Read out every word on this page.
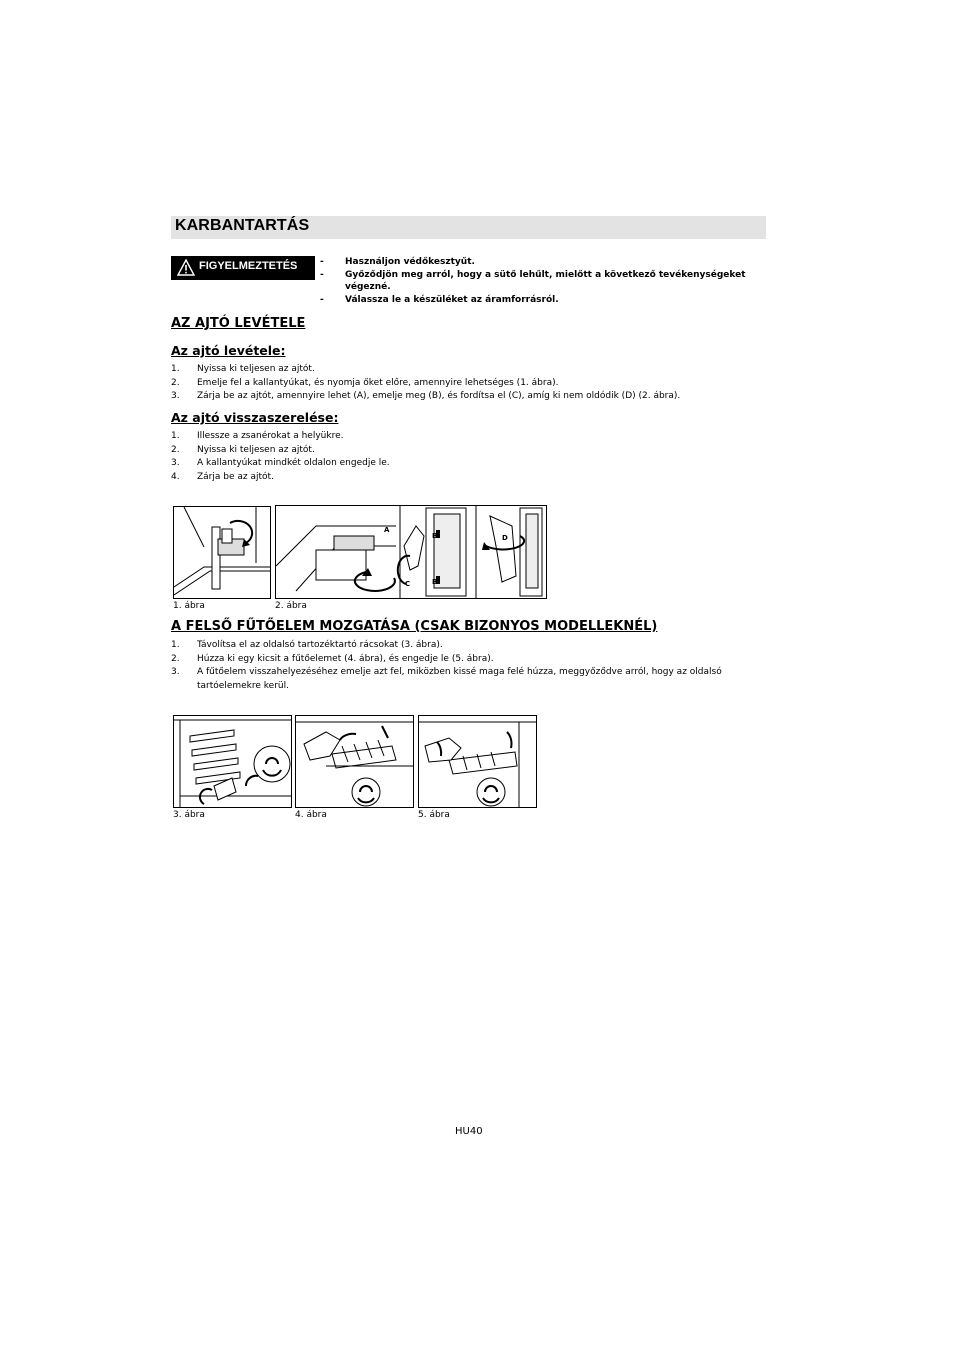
KARBANTARTÁS
FIGYELMEZTETÉS	- Használjon védőkesztyűt.
- Győződjön meg arról, hogy a sütő lehűlt, mielőtt a következő tevékenységeket végezné.
- Válassza le a készüléket az áramforrásról.
AZ AJTÓ LEVÉTELE
Az ajtó levétele:
1. Nyissa ki teljesen az ajtót.
2. Emelje fel a kallantyúkat, és nyomja őket előre, amennyire lehetséges (1. ábra).
3. Zárja be az ajtót, amennyire lehet (A), emelje meg (B), és fordítsa el (C), amíg ki nem oldódik (D) (2. ábra).
Az ajtó visszaszerelése:
1. Illessze a zsanérokat a helyükre.
2. Nyissa ki teljesen az ajtót.
3. A kallantyúkat mindkét oldalon engedje le.
4. Zárja be az ajtót.
1. ábra
A
B
C	B
D
2. ábra
A FELSŐ FŰTŐELEM MOZGATÁSA (CSAK BIZONYOS MODELLEKNÉL)
1. Távolítsa el az oldalsó tartozéktartó rácsokat (3. ábra).
2. Húzza ki egy kicsit a fűtőelemet (4. ábra), és engedje le (5. ábra).
3. A fűtőelem visszahelyezéséhez emelje azt fel, miközben kissé maga felé húzza, meggyőződve arról, hogy az oldalsó tartóelemekre kerül.
3. ábra	4. ábra	5. ábra
HU40
